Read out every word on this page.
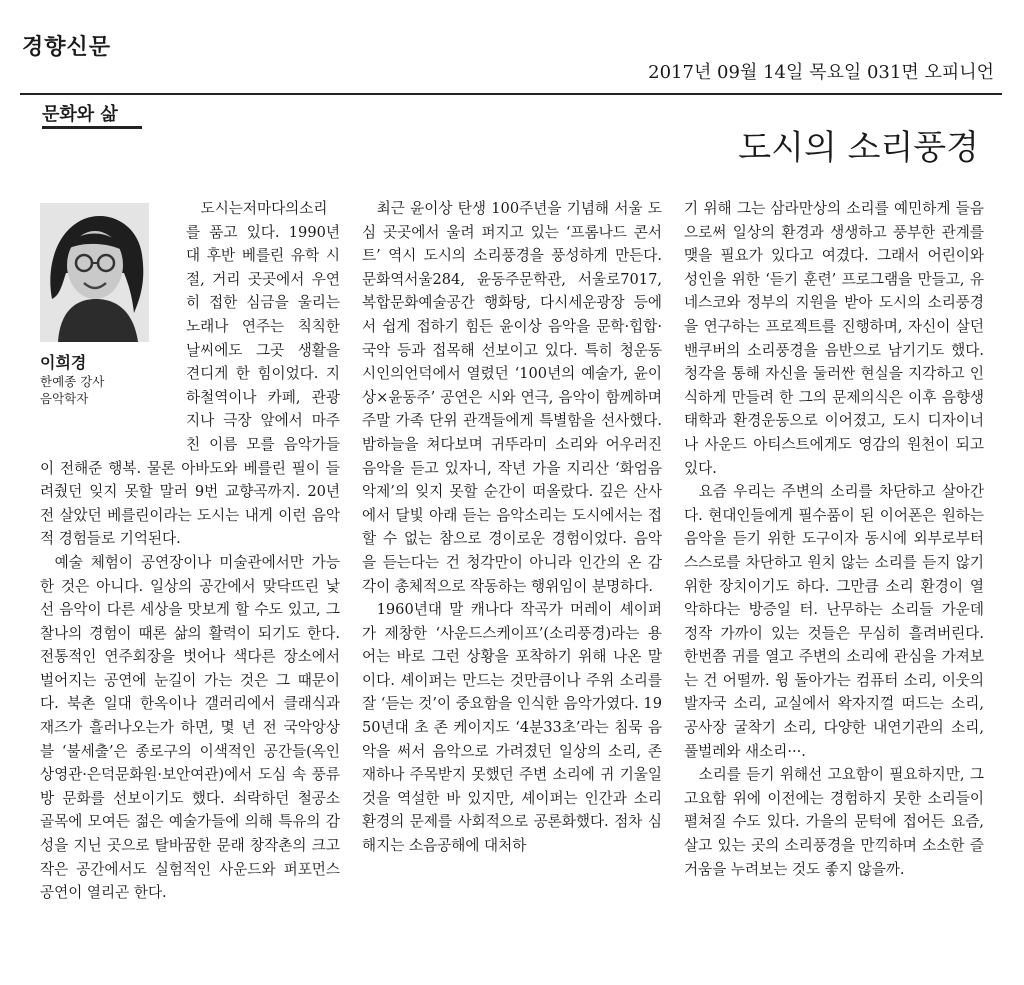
경향신문
2017년 09월 14일 목요일 031면 오피니언
문화와 삶
도시의 소리풍경
이희경
한예종 강사
음악학자

도시는저마다의소리를 품고 있다. 1990년대 후반 베를린 유학 시절, 거리 곳곳에서 우연히 접한 심금을 울리는 노래나 연주는 칙칙한 날씨에도 그곳 생활을 견디게 한 힘이었다. 지하철역이나 카페, 관광지나 극장 앞에서 마주친 이름 모를 음악가들이 전해준 행복. 물론 아바도와 베를린 필이 들려줬던 잊지 못할 말러 9번 교향곡까지. 20년 전 살았던 베를린이라는 도시는 내게 이런 음악적 경험들로 기억된다.

예술 체험이 공연장이나 미술관에서만 가능한 것은 아니다. 일상의 공간에서 맞닥뜨린 낯선 음악이 다른 세상을 맛보게 할 수도 있고, 그 찰나의 경험이 때론 삶의 활력이 되기도 한다. 전통적인 연주회장을 벗어나 색다른 장소에서 벌어지는 공연에 눈길이 가는 것은 그 때문이다. 북촌 일대 한옥이나 갤러리에서 클래식과 재즈가 흘러나오는가 하면, 몇 년 전 국악앙상블 ‘불세출’은 종로구의 이색적인 공간들(옥인상영관·은덕문화원·보안여관)에서 도심 속 풍류방 문화를 선보이기도 했다. 쇠락하던 철공소 골목에 모여든 젊은 예술가들에 의해 특유의 감성을 지닌 곳으로 탈바꿈한 문래 창작촌의 크고 작은 공간에서도 실험적인 사운드와 퍼포먼스 공연이 열리곤 한다.

최근 윤이상 탄생 100주년을 기념해 서울 도심 곳곳에서 울려 퍼지고 있는 ‘프롬나드 콘서트’ 역시 도시의 소리풍경을 풍성하게 만든다. 문화역서울284, 윤동주문학관, 서울로7017, 복합문화예술공간 행화탕, 다시세운광장 등에서 쉽게 접하기 힘든 윤이상 음악을 문학·힙합·국악 등과 접목해 선보이고 있다. 특히 청운동 시인의언덕에서 열렸던 ‘100년의 예술가, 윤이상×윤동주’ 공연은 시와 연극, 음악이 함께하며 주말 가족 단위 관객들에게 특별함을 선사했다. 밤하늘을 쳐다보며 귀뚜라미 소리와 어우러진 음악을 듣고 있자니, 작년 가을 지리산 ‘화엄음악제’의 잊지 못할 순간이 떠올랐다. 깊은 산사에서 달빛 아래 듣는 음악소리는 도시에서는 접할 수 없는 참으로 경이로운 경험이었다. 음악을 듣는다는 건 청각만이 아니라 인간의 온 감각이 총체적으로 작동하는 행위임이 분명하다.

1960년대 말 캐나다 작곡가 머레이 셰이퍼가 제창한 ‘사운드스케이프’(소리풍경)라는 용어는 바로 그런 상황을 포착하기 위해 나온 말이다. 셰이퍼는 만드는 것만큼이나 주위 소리를 잘 ‘듣는 것’이 중요함을 인식한 음악가였다. 1950년대 초 존 케이지도 ‘4분33초’라는 침묵 음악을 써서 음악으로 가려졌던 일상의 소리, 존재하나 주목받지 못했던 주변 소리에 귀 기울일 것을 역설한 바 있지만, 셰이퍼는 인간과 소리 환경의 문제를 사회적으로 공론화했다. 점차 심해지는 소음공해에 대처하

기 위해 그는 삼라만상의 소리를 예민하게 들음으로써 일상의 환경과 생생하고 풍부한 관계를 맺을 필요가 있다고 여겼다. 그래서 어린이와 성인을 위한 ‘듣기 훈련’ 프로그램을 만들고, 유네스코와 정부의 지원을 받아 도시의 소리풍경을 연구하는 프로젝트를 진행하며, 자신이 살던 밴쿠버의 소리풍경을 음반으로 남기기도 했다. 청각을 통해 자신을 둘러싼 현실을 지각하고 인식하게 만들려 한 그의 문제의식은 이후 음향생태학과 환경운동으로 이어졌고, 도시 디자이너나 사운드 아티스트에게도 영감의 원천이 되고 있다.

요즘 우리는 주변의 소리를 차단하고 살아간다. 현대인들에게 필수품이 된 이어폰은 원하는 음악을 듣기 위한 도구이자 동시에 외부로부터 스스로를 차단하고 원치 않는 소리를 듣지 않기 위한 장치이기도 하다. 그만큼 소리 환경이 열악하다는 방증일 터. 난무하는 소리들 가운데 정작 가까이 있는 것들은 무심히 흘려버린다. 한번쯤 귀를 열고 주변의 소리에 관심을 가져보는 건 어떨까. 윙 돌아가는 컴퓨터 소리, 이웃의 발자국 소리, 교실에서 왁자지껄 떠드는 소리, 공사장 굴착기 소리, 다양한 내연기관의 소리, 풀벌레와 새소리···.

소리를 듣기 위해선 고요함이 필요하지만, 그 고요함 위에 이전에는 경험하지 못한 소리들이 펼쳐질 수도 있다. 가을의 문턱에 접어든 요즘, 살고 있는 곳의 소리풍경을 만끽하며 소소한 즐거움을 누려보는 것도 좋지 않을까.
